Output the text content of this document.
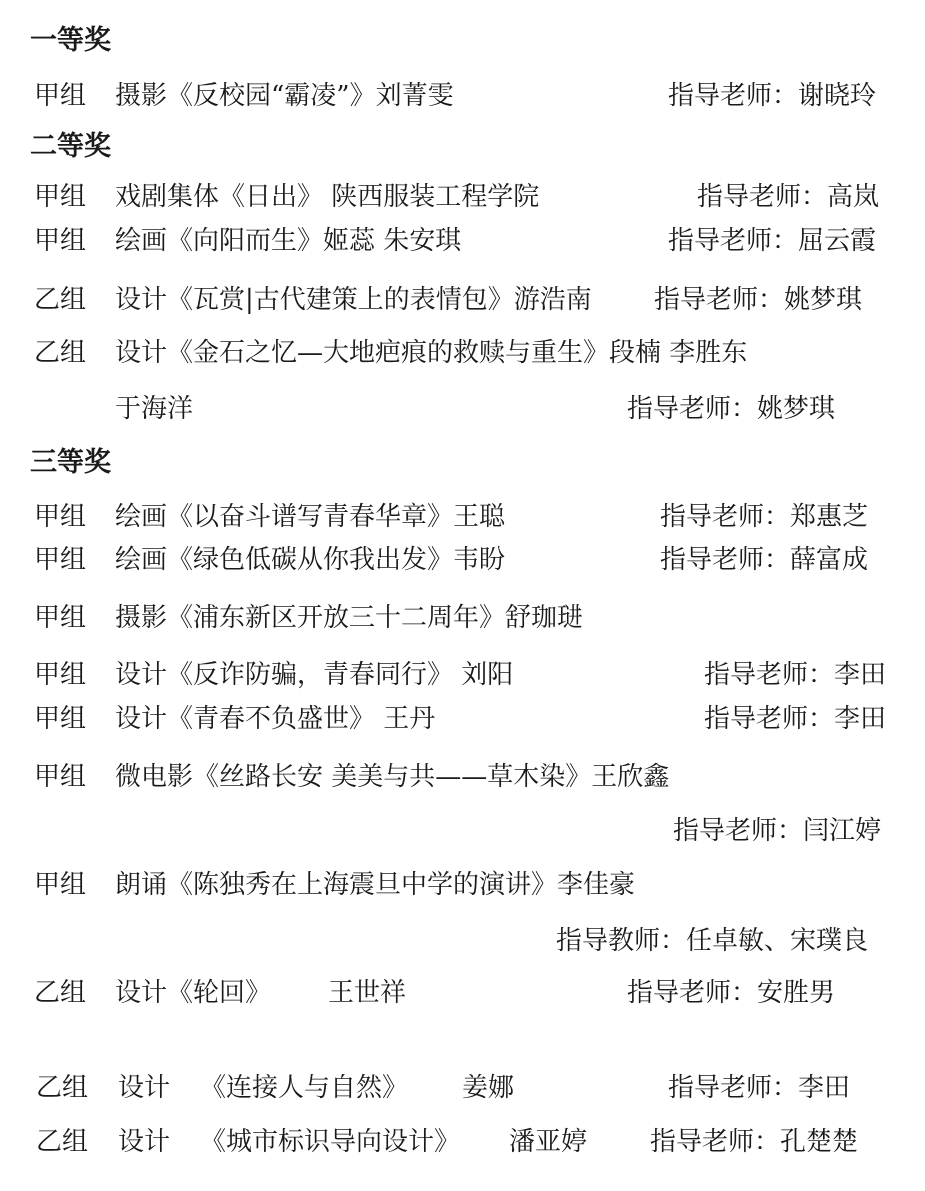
一等奖
甲组 摄影《反校园“霸凌”》刘菁雯	指导老师：谢晓玲
二等奖
甲组 戏剧集体《日出》 陕西服装工程学院	指导老师：高岚
甲组 绘画《向阳而生》姬蕊 朱安琪	指导老师：屈云霞
乙组 设计《瓦赏|古代建策上的表情包》游浩南 指导老师：姚梦琪
乙组 设计《金石之忆—大地疤痕的救赎与重生》段楠 李胜东
于海洋	指导老师：姚梦琪
三等奖
甲组 绘画《以奋斗谱写青春华章》王聪	指导老师：郑惠芝
甲组 绘画《绿色低碳从你我出发》韦盼	指导老师：薛富成
甲组 摄影《浦东新区开放三十二周年》舒珈琎
甲组 设计《反诈防骗，青春同行》 刘阳	指导老师：李田
甲组 设计《青春不负盛世》 王丹	指导老师：李田
甲组 微电影《丝路长安 美美与共——草木染》王欣鑫
指导老师：闫江婷
甲组 朗诵《陈独秀在上海震旦中学的演讲》李佳豪
指导教师：任卓敏、宋璞良
乙组 设计《轮回》 王世祥	指导老师：安胜男
乙组 设计 《连接人与自然》 姜娜	指导老师：李田
乙组 设计 《城市标识导向设计》 潘亚婷 指导老师：孔楚楚
